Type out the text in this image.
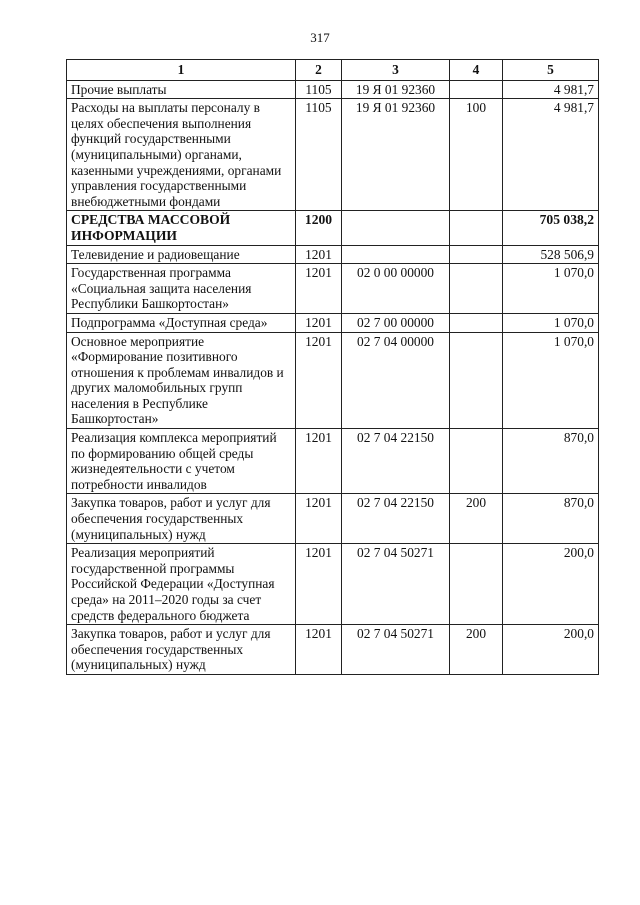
317
1	2	3	4	5
Прочие выплаты	1105	19 Я 01 92360		4 981,7
Расходы на выплаты персоналу в целях обеспечения выполнения функций государственными (муниципальными) органами, казенными учреждениями, органами управления государственными внебюджетными фондами	1105	19 Я 01 92360	100	4 981,7
СРЕДСТВА МАССОВОЙ ИНФОРМАЦИИ	1200			705 038,2
Телевидение и радиовещание	1201			528 506,9
Государственная программа «Социальная защита населения Республики Башкортостан»	1201	02 0 00 00000		1 070,0
Подпрограмма «Доступная среда»	1201	02 7 00 00000		1 070,0
Основное мероприятие «Формирование позитивного отношения к проблемам инвалидов и других маломобильных групп населения в Республике Башкортостан»	1201	02 7 04 00000		1 070,0
Реализация комплекса мероприятий по формированию общей среды жизнедеятельности с учетом потребности инвалидов	1201	02 7 04 22150		870,0
Закупка товаров, работ и услуг для обеспечения государственных (муниципальных) нужд	1201	02 7 04 22150	200	870,0
Реализация мероприятий государственной программы Российской Федерации «Доступная среда» на 2011–2020 годы за счет средств федерального бюджета	1201	02 7 04 50271		200,0
Закупка товаров, работ и услуг для обеспечения государственных (муниципальных) нужд	1201	02 7 04 50271	200	200,0
